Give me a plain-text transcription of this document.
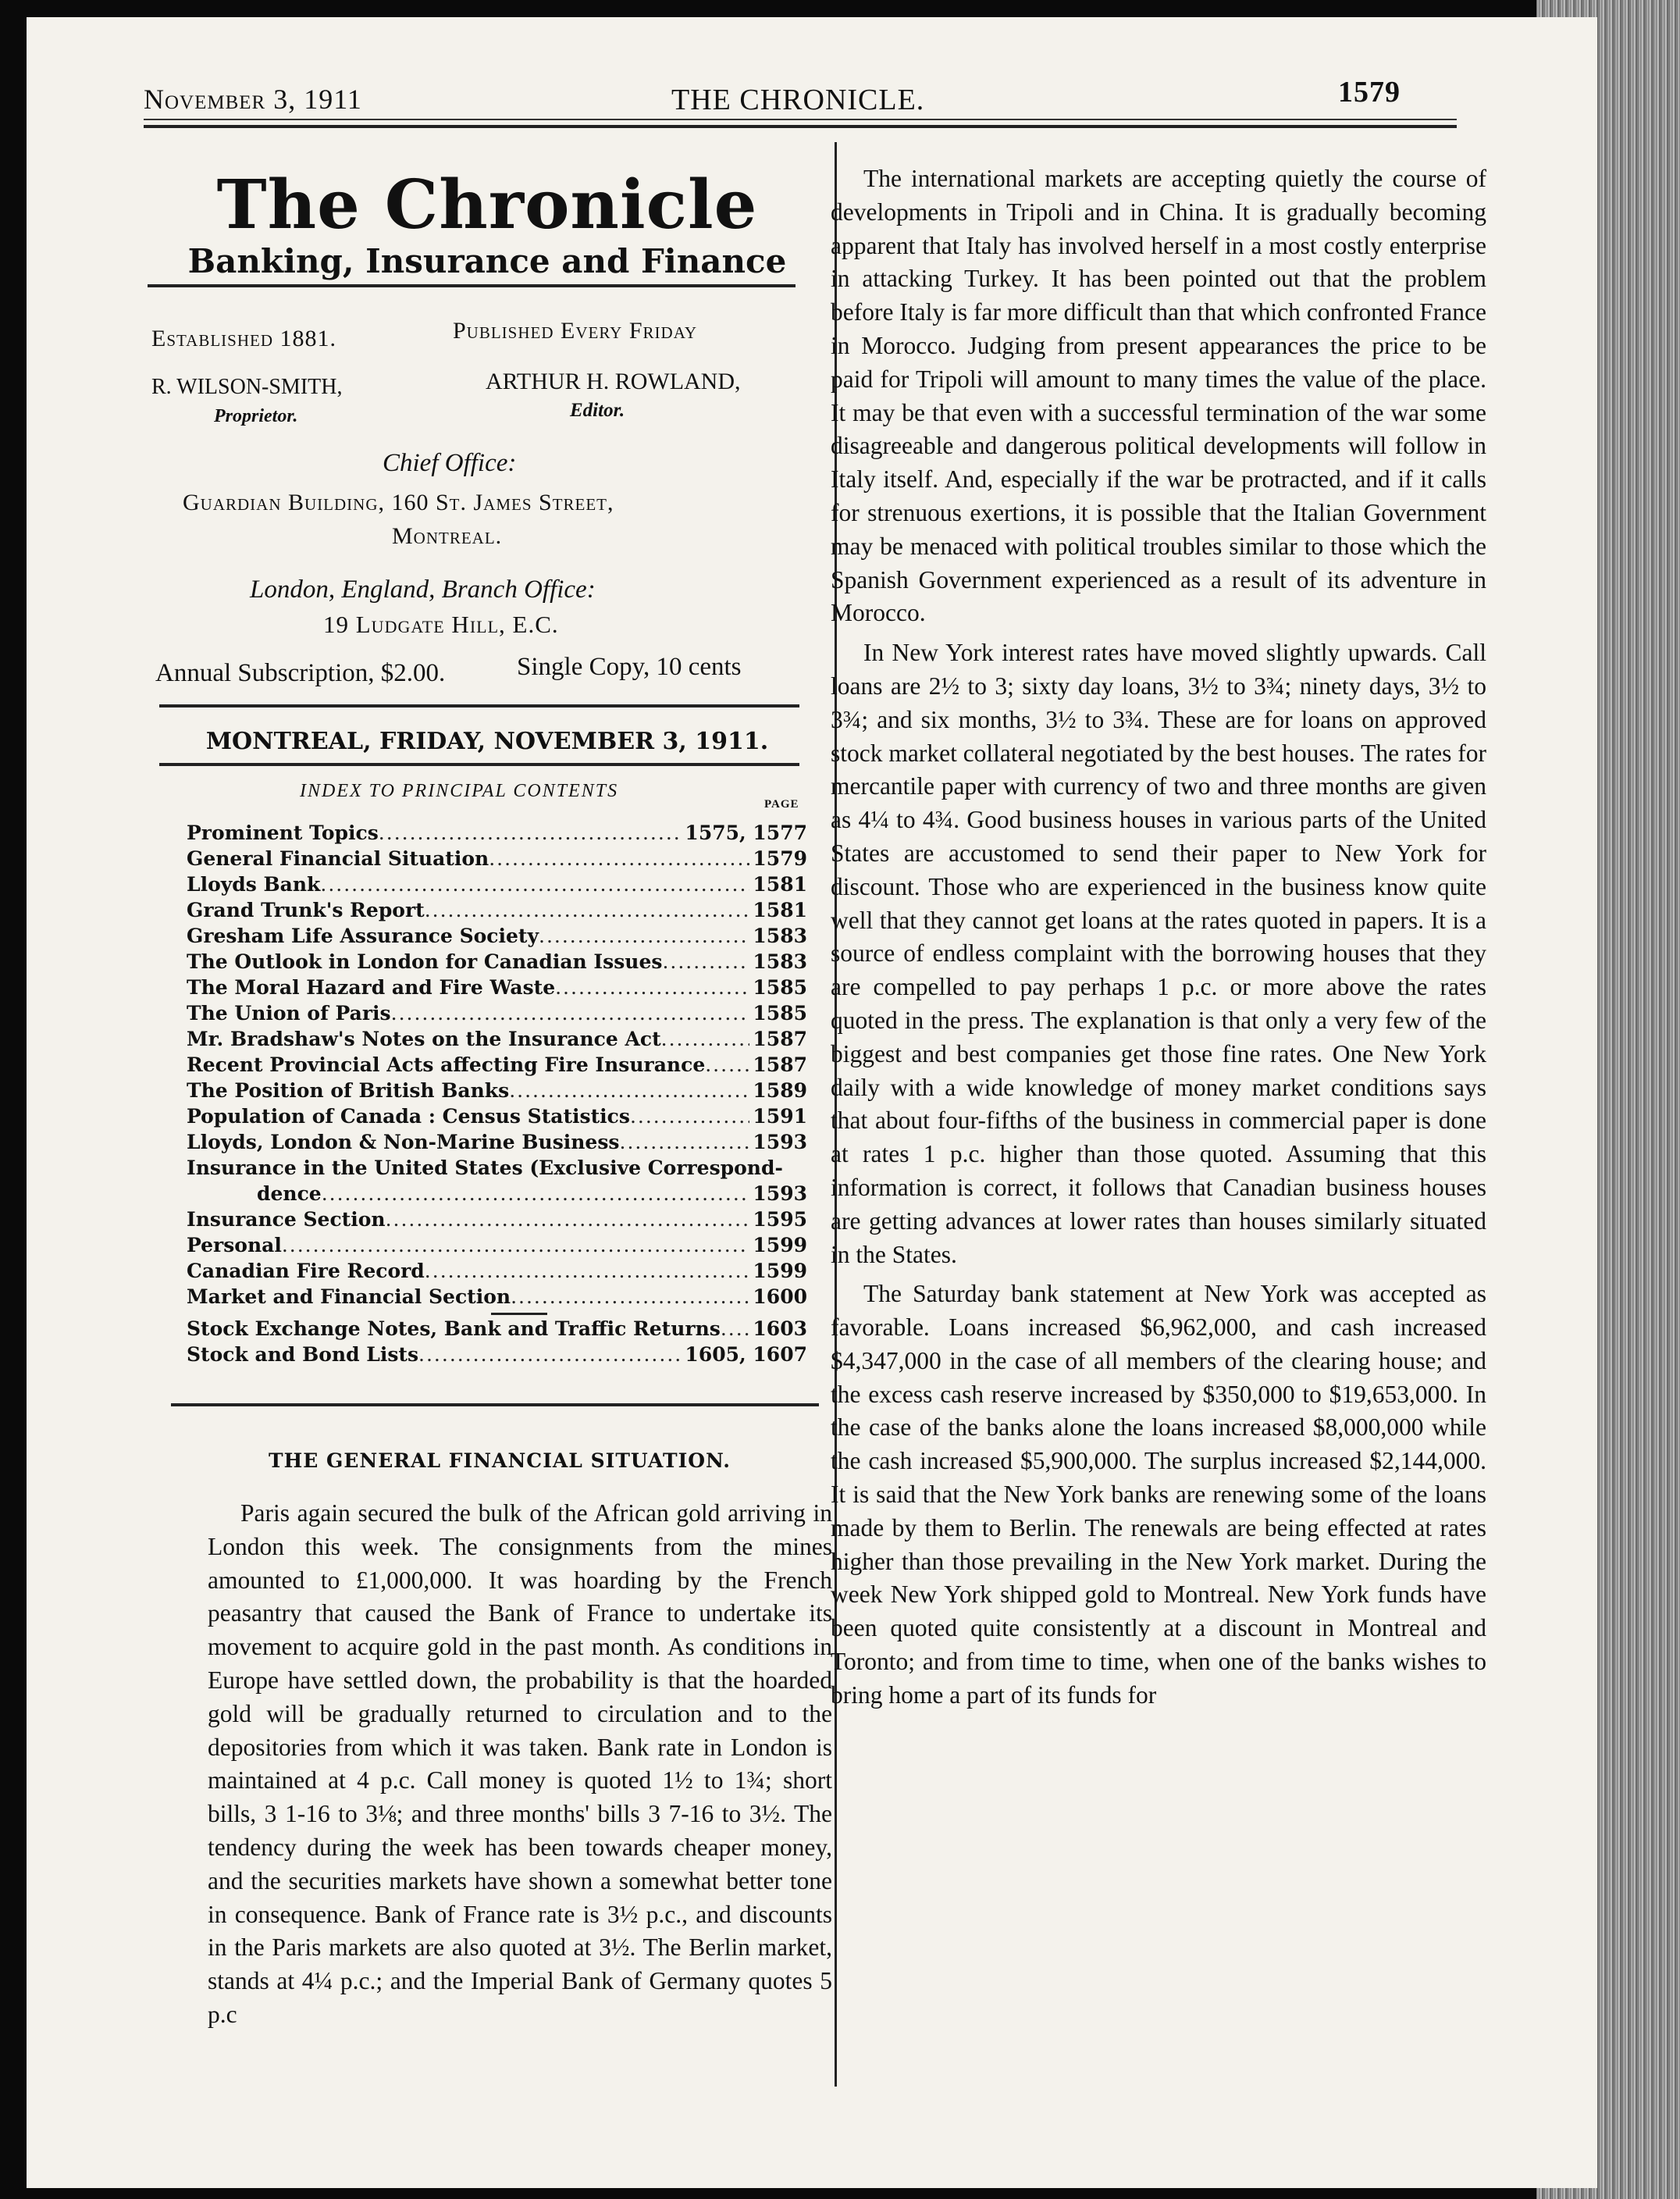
November 3, 1911	THE CHRONICLE.	1579
The Chronicle
Banking, Insurance and Finance
Established 1881.	Published Every Friday
R. WILSON-SMITH,
Proprietor.
ARTHUR H. ROWLAND,
Editor.
Chief Office:
Guardian Building, 160 St. James Street,
Montreal.
London, England, Branch Office:
19 Ludgate Hill, E.C.
Annual Subscription, $2.00.	Single Copy, 10 cents
MONTREAL, FRIDAY, NOVEMBER 3, 1911.
INDEX TO PRINCIPAL CONTENTS
PAGE
Prominent Topics .....	1575, 1577
General Financial Situation .....	1579
Lloyds Bank .....	1581
Grand Trunk's Report .....	1581
Gresham Life Assurance Society .....	1583
The Outlook in London for Canadian Issues .....	1583
The Moral Hazard and Fire Waste .....	1585
The Union of Paris .....	1585
Mr. Bradshaw's Notes on the Insurance Act .....	1587
Recent Provincial Acts affecting Fire Insurance ..... 1587
The Position of British Banks .....	1589
Population of Canada : Census Statistics .....	1591
Lloyds, London & Non-Marine Business .....	1593
Insurance in the United States (Exclusive Correspond-
dence .....	1593
Insurance Section .....	1595
Personal .....	1599
Canadian Fire Record .....	1599
Market and Financial Section .....	1600
Stock Exchange Notes, Bank and Traffic Returns ..... 1603
Stock and Bond Lists .....	1605, 1607
THE GENERAL FINANCIAL SITUATION.

Paris again secured the bulk of the African gold arriving in London this week. The consignments from the mines amounted to £1,000,000. It was hoarding by the French peasantry that caused the Bank of France to undertake its movement to acquire gold in the past month. As conditions in Europe have settled down, the probability is that the hoarded gold will be gradually returned to circulation and to the depositories from which it was taken. Bank rate in London is maintained at 4 p.c. Call money is quoted 1½ to 1¾; short bills, 3 1-16 to 3⅛; and three months' bills 3 7-16 to 3½. The tendency during the week has been towards cheaper money, and the securities markets have shown a somewhat better tone in consequence. Bank of France rate is 3½ p.c., and discounts in the Paris markets are also quoted at 3½. The Berlin market, stands at 4¼ p.c.; and the Imperial Bank of Germany quotes 5 p.c

The international markets are accepting quietly the course of developments in Tripoli and in China. It is gradually becoming apparent that Italy has involved herself in a most costly enterprise in attacking Turkey. It has been pointed out that the problem before Italy is far more difficult than that which confronted France in Morocco. Judging from present appearances the price to be paid for Tripoli will amount to many times the value of the place. It may be that even with a successful termination of the war some disagreeable and dangerous political developments will follow in Italy itself. And, especially if the war be protracted, and if it calls for strenuous exertions, it is possible that the Italian Government may be menaced with political troubles similar to those which the Spanish Government experienced as a result of its adventure in Morocco.

In New York interest rates have moved slightly upwards. Call loans are 2½ to 3; sixty day loans, 3½ to 3¾; ninety days, 3½ to 3¾; and six months, 3½ to 3¾. These are for loans on approved stock market collateral negotiated by the best houses. The rates for mercantile paper with currency of two and three months are given as 4¼ to 4¾. Good business houses in various parts of the United States are accustomed to send their paper to New York for discount. Those who are experienced in the business know quite well that they cannot get loans at the rates quoted in papers. It is a source of endless complaint with the borrowing houses that they are compelled to pay perhaps 1 p.c. or more above the rates quoted in the press. The explanation is that only a very few of the biggest and best companies get those fine rates. One New York daily with a wide knowledge of money market conditions says that about four-fifths of the business in commercial paper is done at rates 1 p.c. higher than those quoted. Assuming that this information is correct, it follows that Canadian business houses are getting advances at lower rates than houses similarly situated in the States.

The Saturday bank statement at New York was accepted as favorable. Loans increased $6,962,000, and cash increased $4,347,000 in the case of all members of the clearing house; and the excess cash reserve increased by $350,000 to $19,653,000. In the case of the banks alone the loans increased $8,000,000 while the cash increased $5,900,000. The surplus increased $2,144,000. It is said that the New York banks are renewing some of the loans made by them to Berlin. The renewals are being effected at rates higher than those prevailing in the New York market. During the week New York shipped gold to Montreal. New York funds have been quoted quite consistently at a discount in Montreal and Toronto; and from time to time, when one of the banks wishes to bring home a part of its funds for
